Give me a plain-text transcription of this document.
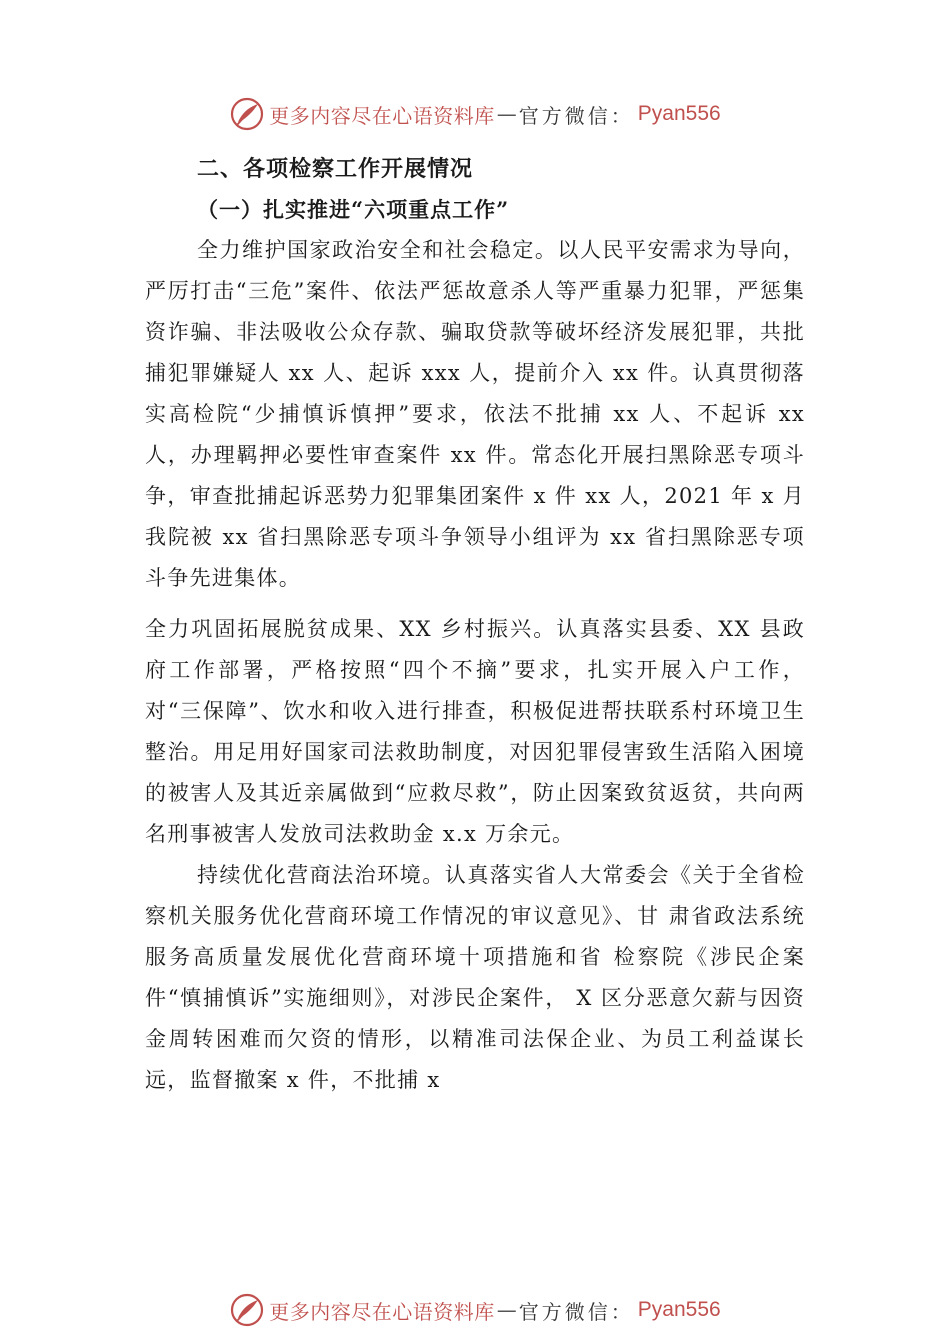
更多内容尽在心语资料库 — 官方微信： Pyan556
二、各项检察工作开展情况
（一）扎实推进“六项重点工作”

全力维护国家政治安全和社会稳定。以人民平安需求为导向，严厉打击“三危”案件、依法严惩故意杀人等严重暴力犯罪，严惩集资诈骗、非法吸收公众存款、骗取贷款等破坏经济发展犯罪，共批捕犯罪嫌疑人 xx 人、起诉 xxx 人，提前介入 xx 件。认真贯彻落实高检院“少捕慎诉慎押”要求，依法不批捕 xx 人、不起诉 xx 人，办理羁押必要性审查案件 xx 件。常态化开展扫黑除恶专项斗争，审查批捕起诉恶势力犯罪集团案件 x 件 xx 人，2021 年 x 月我院被 xx 省扫黑除恶专项斗争领导小组评为 xx 省扫黑除恶专项斗争先进集体。

全力巩固拓展脱贫成果、XX 乡村振兴。认真落实县委、XX 县政府工作部署，严格按照“四个不摘”要求，扎实开展入户工作，对“三保障”、饮水和收入进行排查，积极促进帮扶联系村环境卫生整治。用足用好国家司法救助制度，对因犯罪侵害致生活陷入困境的被害人及其近亲属做到“应救尽救”，防止因案致贫返贫，共向两名刑事被害人发放司法救助金 x.x 万余元。

持续优化营商法治环境。认真落实省人大常委会《关于全省检察机关服务优化营商环境工作情况的审议意见》、甘 肃省政法系统服务高质量发展优化营商环境十项措施和省 检察院《涉民企案件“慎捕慎诉”实施细则》，对涉民企案件， X 区分恶意欠薪与因资金周转困难而欠资的情形，以精准司法保企业、为员工利益谋长远，监督撤案 x 件，不批捕 x

更多内容尽在心语资料库 — 官方微信： Pyan556
